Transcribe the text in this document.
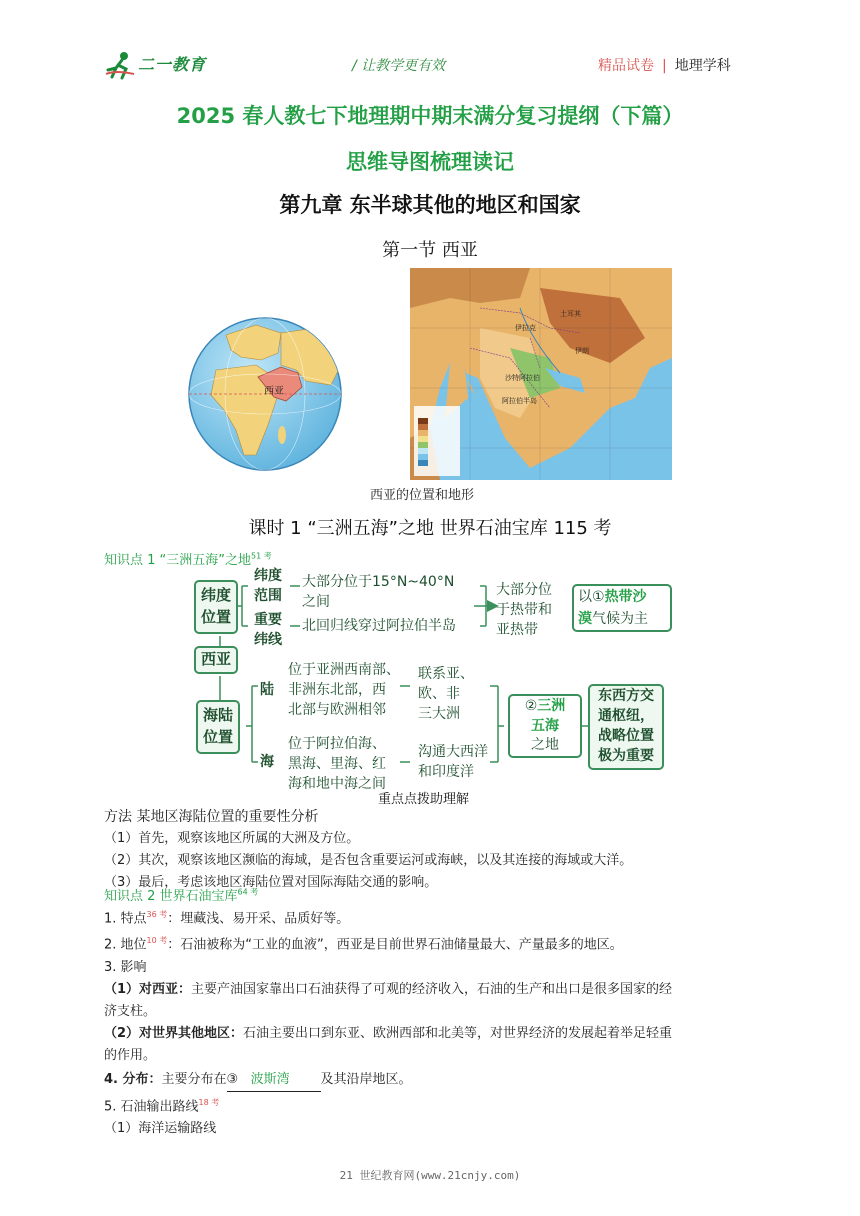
二一教育	/ 让教学更有效	精品试卷 | 地理学科
2025 春人教七下地理期中期末满分复习提纲（下篇）
思维导图梳理读记
第九章 东半球其他的地区和国家
第一节 西亚
西亚
土耳其
伊朗
伊拉克
沙特阿拉伯
阿拉伯半岛
西亚的位置和地形
课时 1 “三洲五海”之地 世界石油宝库 115 考
知识点 1 “三洲五海”之地$^{51 考}$
纬度
位置
西亚
海陆
位置
纬度
范围
大部分位于15°N~40°N
之间
重要
纬线
北回归线穿过阿拉伯半岛
大部分位
于热带和
亚热带
以①热带沙
漠气候为主
陆
位于亚洲西南部、
非洲东北部，西
北部与欧洲相邻
联系亚、
欧、非
三大洲
海
位于阿拉伯海、
黑海、里海、红
海和地中海之间
沟通大西洋
和印度洋
②三洲
五海
之地
东西方交
通枢纽，
战略位置
极为重要
重点点拨助理解
方法 某地区海陆位置的重要性分析
（1）首先，观察该地区所属的大洲及方位。
（2）其次，观察该地区濒临的海域，是否包含重要运河或海峡，以及其连接的海域或大洋。
（3）最后，考虑该地区海陆位置对国际海陆交通的影响。
知识点 2 世界石油宝库$^{64 考}$
1. 特点$^{36 考}$：埋藏浅、易开采、品质好等。
2. 地位$^{10 考}$：石油被称为“工业的血液”，西亚是目前世界石油储量最大、产量最多的地区。
3. 影响
（1）对西亚：主要产油国家靠出口石油获得了可观的经济收入，石油的生产和出口是很多国家的经
济支柱。
（2）对世界其他地区：石油主要出口到东亚、欧洲西部和北美等，对世界经济的发展起着举足轻重
的作用。
4. 分布：主要分布在③ 波斯湾 及其沿岸地区。
5. 石油输出路线$^{18 考}$
（1）海洋运输路线
21 世纪教育网(www.21cnjy.com)
